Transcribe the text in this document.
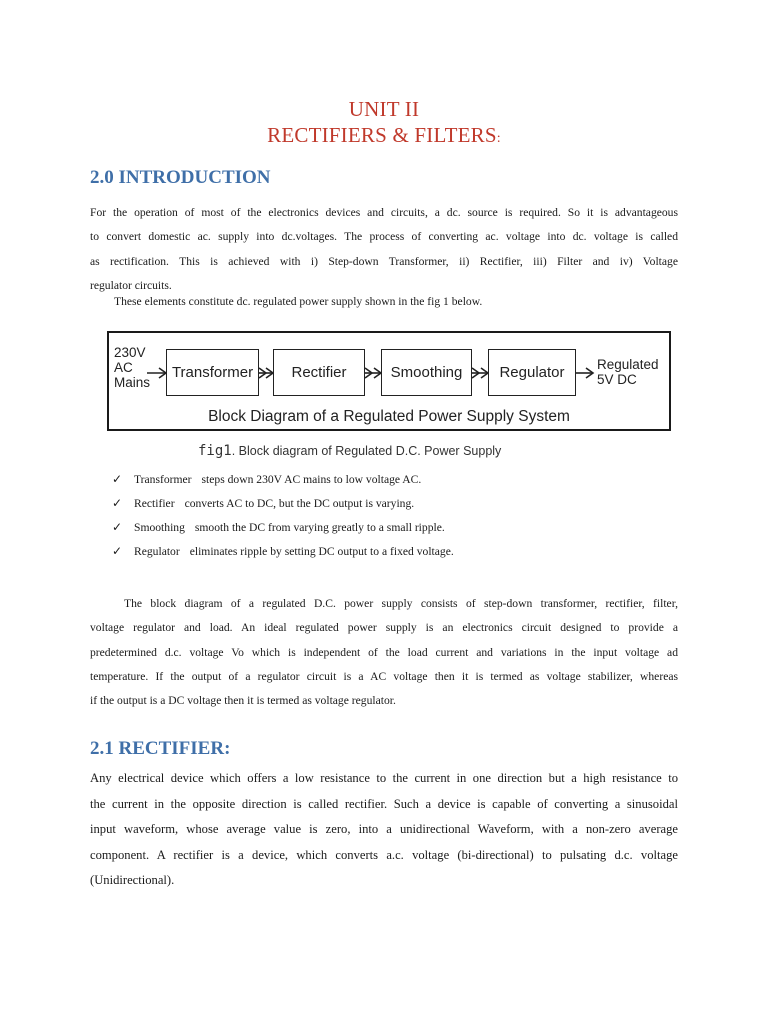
UNIT II
RECTIFIERS & FILTERS:
2.0 INTRODUCTION
For the operation of most of the electronics devices and circuits, a dc. source is required. So it is advantageous
to convert domestic ac. supply into dc.voltages. The process of converting ac. voltage into dc. voltage is called
as rectification. This is achieved with i) Step-down Transformer, ii) Rectifier, iii) Filter and iv) Voltage
regulator circuits.
These elements constitute dc. regulated power supply shown in the fig 1 below.
230V
AC
Mains
Transformer	Rectifier	Smoothing	Regulator	Regulated
5V DC
Block Diagram of a Regulated Power Supply System
fig1. Block diagram of Regulated D.C. Power Supply
✓ Transformer steps down 230V AC mains to low voltage AC.
✓ Rectifier converts AC to DC, but the DC output is varying.
✓Smoothing smooth the DC from varying greatly to a small ripple.
✓ Regulator eliminates ripple by setting DC output to a fixed voltage.
The block diagram of a regulated D.C. power supply consists of step-down transformer, rectifier, filter,
voltage regulator and load. An ideal regulated power supply is an electronics circuit designed to provide a
predetermined d.c. voltage Vo which is independent of the load current and variations in the input voltage ad
temperature. If the output of a regulator circuit is a AC voltage then it is termed as voltage stabilizer, whereas
if the output is a DC voltage then it is termed as voltage regulator.
2.1 RECTIFIER:
Any electrical device which offers a low resistance to the current in one direction but a high resistance to
the current in the opposite direction is called rectifier. Such a device is capable of converting a sinusoidal
input waveform, whose average value is zero, into a unidirectional Waveform, with a non-zero average
component. A rectifier is a device, which converts a.c. voltage (bi-directional) to pulsating d.c. voltage
(Unidirectional).
